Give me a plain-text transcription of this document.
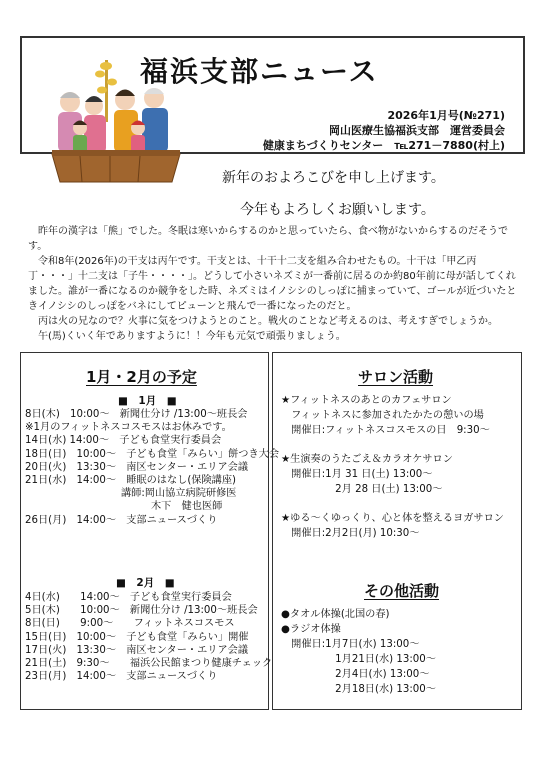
福浜支部ニュース
2026年1月号(№271)
岡山医療生協福浜支部　運営委員会
健康まちづくりセンター　℡271－7880(村上)
新年のおよろこびを申し上げます。
今年もよろしくお願いします。

　昨年の漢字は「熊」でした。冬眠は寒いからするのかと思っていたら、食べ物がないからするのだそうです。

　令和8年(2026年)の干支は丙午です。干支とは、十干十二支を組み合わせたもの。十干は「甲乙丙丁・・・」十二支は「子牛・・・・」。どうして小さいネズミが一番前に居るのか約80年前に母が話してくれました。誰が一番になるのか競争をした時、ネズミはイノシシのしっぽに捕まっていて、ゴールが近づいたときイノシシのしっぽをバネにしてピューンと飛んで一番になったのだと。

　丙は火の兄なので？火事に気をつけようとのこと。戦火のことなど考えるのは、考えすぎでしょうか。

　午(馬)くいく年でありますように！！今年も元気で頑張りましょう。

1月・2月の予定
■　1月　■
8日(木)　10:00～　新聞仕分け /13:00～班長会
※1月のフィットネスコスモスはお休みです。
14日(水) 14:00～　子ども食堂実行委員会
18日(日)　10:00～　子ども食堂「みらい」餅つき大会
20日(火)　13:30～　南区センター・エリア会議
21日(水)　14:00～　睡眠のはなし(保険講座)
講師:岡山協立病院研修医
木下　健也医師
26日(月)　14:00～　支部ニュースづくり
■　2月　■
4日(水)　　14:00～　子ども食堂実行委員会
5日(木)　　10:00～　新聞仕分け /13:00～班長会
8日(日)　　9:00～　　フィットネスコスモス
15日(日)　10:00～　子ども食堂「みらい」開催
17日(火)　13:30～　南区センター・エリア会議
21日(土)　9:30～　　福浜公民館まつり健康チェック
23日(月)　14:00～　支部ニュースづくり
サロン活動
★フィットネスのあとのカフェサロン
　フィットネスに参加されたかたの憩いの場
　開催日:フィットネスコスモスの日　9:30～
★生演奏のうたごえ＆カラオケサロン
　開催日:1月 31 日(土) 13:00～
　　　　　 2月 28 日(土) 13:00～
★ゆる～くゆっくり、心と体を整えるヨガサロン
　開催日:2月2日(月) 10:30～
その他活動
●タオル体操(北国の春)
●ラジオ体操
　開催日:1月7日(水) 13:00～
　　　　　 1月21日(水) 13:00～
　　　　　 2月4日(水) 13:00～
　　　　　 2月18日(水) 13:00～
